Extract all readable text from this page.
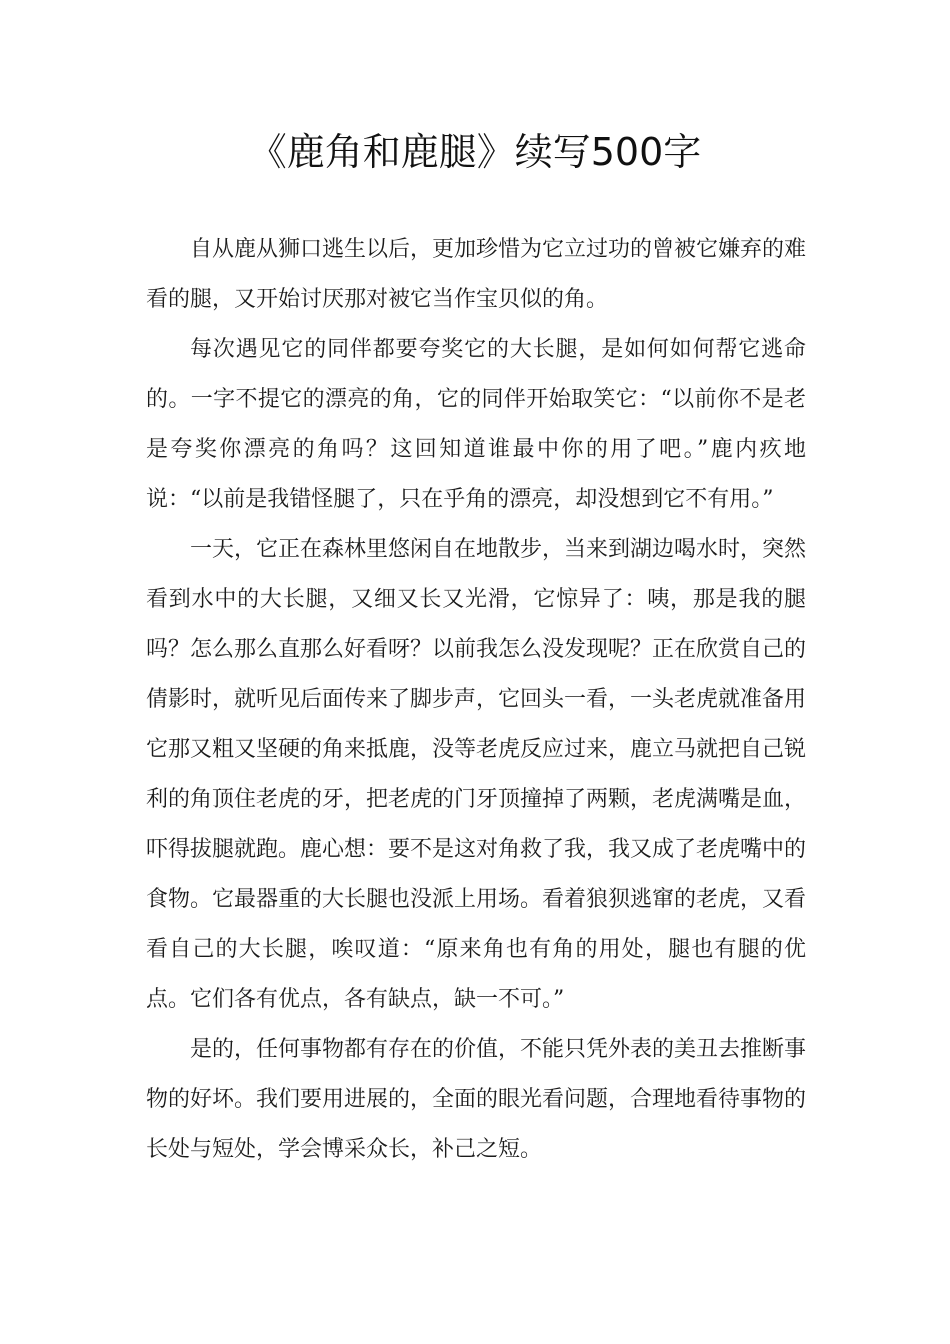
《鹿角和鹿腿》续写500字

自从鹿从狮口逃生以后，更加珍惜为它立过功的曾被它嫌弃的难看的腿，又开始讨厌那对被它当作宝贝似的角。

每次遇见它的同伴都要夸奖它的大长腿，是如何如何帮它逃命的。一字不提它的漂亮的角，它的同伴开始取笑它：“以前你不是老是夸奖你漂亮的角吗？这回知道谁最中你的用了吧。”鹿内疚地说：“以前是我错怪腿了，只在乎角的漂亮，却没想到它不有用。”

一天，它正在森林里悠闲自在地散步，当来到湖边喝水时，突然看到水中的大长腿，又细又长又光滑，它惊异了：咦，那是我的腿吗？怎么那么直那么好看呀？以前我怎么没发现呢？正在欣赏自己的倩影时，就听见后面传来了脚步声，它回头一看，一头老虎就准备用它那又粗又坚硬的角来抵鹿，没等老虎反应过来，鹿立马就把自己锐利的角顶住老虎的牙，把老虎的门牙顶撞掉了两颗，老虎满嘴是血，吓得拔腿就跑。鹿心想：要不是这对角救了我，我又成了老虎嘴中的食物。它最器重的大长腿也没派上用场。看着狼狈逃窜的老虎，又看看自己的大长腿，唉叹道：“原来角也有角的用处，腿也有腿的优点。它们各有优点，各有缺点，缺一不可。”

是的，任何事物都有存在的价值，不能只凭外表的美丑去推断事物的好坏。我们要用进展的，全面的眼光看问题，合理地看待事物的长处与短处，学会博采众长，补己之短。
